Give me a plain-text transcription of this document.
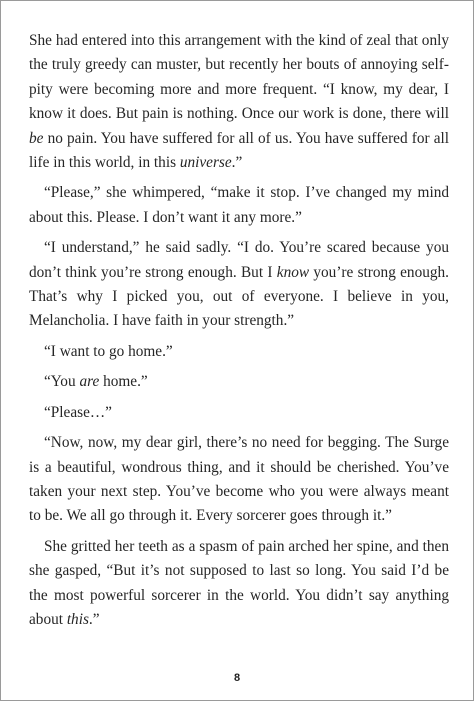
She had entered into this arrangement with the kind of zeal that only the truly greedy can muster, but recently her bouts of annoying self-pity were becoming more and more frequent. “I know, my dear, I know it does. But pain is nothing. Once our work is done, there will be no pain. You have suffered for all of us. You have suffered for all life in this world, in this universe.”

“Please,” she whimpered, “make it stop. I’ve changed my mind about this. Please. I don’t want it any more.”

“I understand,” he said sadly. “I do. You’re scared because you don’t think you’re strong enough. But I know you’re strong enough. That’s why I picked you, out of everyone. I believe in you, Melancholia. I have faith in your strength.”

“I want to go home.”

“You are home.”

“Please…”

“Now, now, my dear girl, there’s no need for begging. The Surge is a beautiful, wondrous thing, and it should be cherished. You’ve taken your next step. You’ve become who you were always meant to be. We all go through it. Every sorcerer goes through it.”

She gritted her teeth as a spasm of pain arched her spine, and then she gasped, “But it’s not supposed to last so long. You said I’d be the most powerful sorcerer in the world. You didn’t say anything about this.”

8
